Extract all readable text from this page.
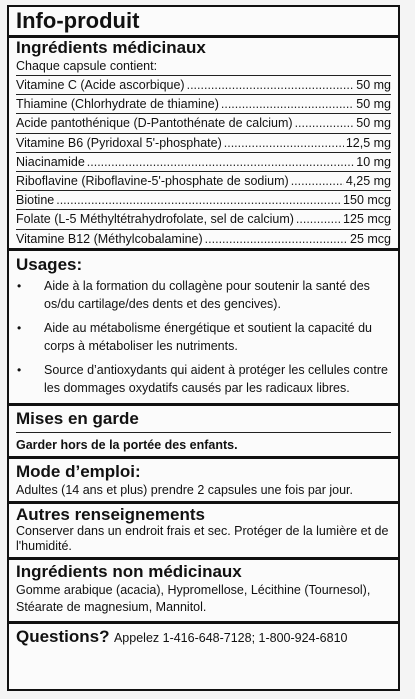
Info-produit
Ingrédients médicinaux
Chaque capsule contient:
Vitamine C (Acide ascorbique) .....	50 mg
Thiamine (Chlorhydrate de thiamine) .....	50 mg
Acide pantothénique (D-Pantothénate de calcium) .....	50 mg
Vitamine B6 (Pyridoxal 5'-phosphate) .....	12,5 mg
Niacinamide .....	10 mg
Riboflavine (Riboflavine-5'-phosphate de sodium) .....	4,25 mg
Biotine .....	150 mcg
Folate (L-5 Méthyltétrahydrofolate, sel de calcium) .....	125 mcg
Vitamine B12 (Méthylcobalamine) .....	25 mcg
Usages:
• Aide à la formation du collagène pour soutenir la santé des os/du cartilage/des dents et des gencives).
• Aide au métabolisme énergétique et soutient la capacité du corps à métaboliser les nutriments.
• Source d’antioxydants qui aident à protéger les cellules contre les dommages oxydatifs causés par les radicaux libres.
Mises en garde
Garder hors de la portée des enfants.
Mode d’emploi:
Adultes (14 ans et plus) prendre 2 capsules une fois par jour.
Autres renseignements
Conserver dans un endroit frais et sec. Protéger de la lumière et de l'humidité.
Ingrédients non médicinaux
Gomme arabique (acacia), Hypromellose, Lécithine (Tournesol), Stéarate de magnesium, Mannitol.
Questions? Appelez 1-416-648-7128; 1-800-924-6810
